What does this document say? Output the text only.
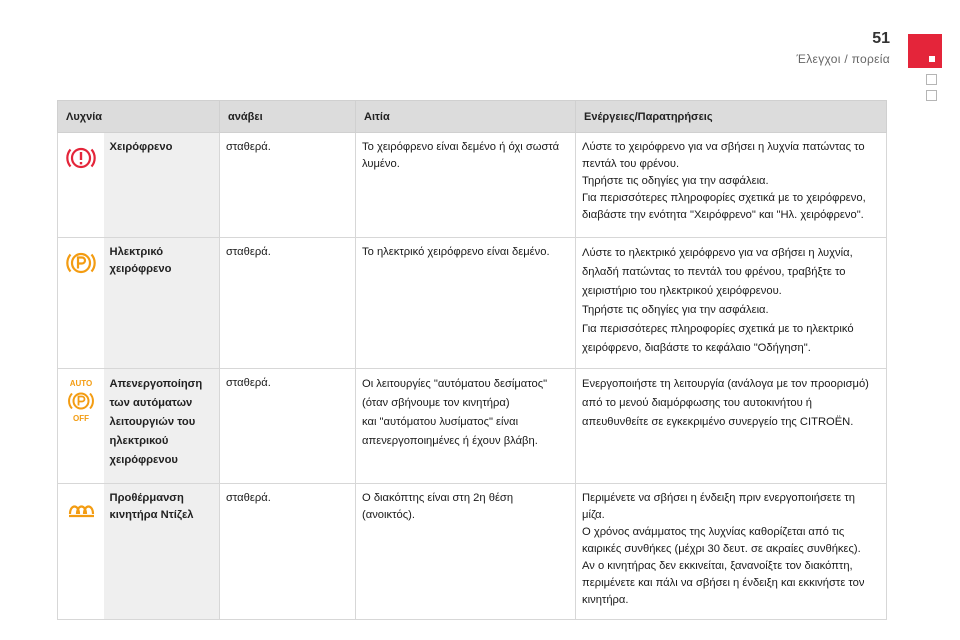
51
Έλεγχοι / πορεία
Λυχνία		ανάβει	Αιτία	Ενέργειες/Παρατηρήσεις
	Χειρόφρενο	σταθερά.	Το χειρόφρενο είναι δεμένο ή όχι σωστά λυμένο.	Λύστε το χειρόφρενο για να σβήσει η λυχνία πατώντας το πεντάλ του φρένου.
Τηρήστε τις οδηγίες για την ασφάλεια.
Για περισσότερες πληροφορίες σχετικά με το χειρόφρενο, διαβάστε την ενότητα "Χειρόφρενο" και "Ηλ. χειρόφρενο".

	Ηλεκτρικό χειρόφρενο	σταθερά.	Το ηλεκτρικό χειρόφρενο είναι δεμένο.	Λύστε το ηλεκτρικό χειρόφρενο για να σβήσει η λυχνία, δηλαδή πατώντας το πεντάλ του φρένου, τραβήξτε το χειριστήριο του ηλεκτρικού χειρόφρενου.
Τηρήστε τις οδηγίες για την ασφάλεια.
Για περισσότερες πληροφορίες σχετικά με το ηλεκτρικό χειρόφρενο, διαβάστε το κεφάλαιο "Οδήγηση".

AUTO
OFF	Απενεργοποίηση των αυτόματων λειτουργιών του ηλεκτρικού χειρόφρενου	σταθερά.	Οι λειτουργίες "αυτόματου δεσίματος" (όταν σβήνουμε τον κινητήρα)
και "αυτόματου λυσίματος" είναι απενεργοποιημένες ή έχουν βλάβη.	Ενεργοποιήστε τη λειτουργία (ανάλογα με τον προορισμό) από το μενού διαμόρφωσης του αυτοκινήτου ή απευθυνθείτε σε εγκεκριμένο συνεργείο της CITROËN.

	Προθέρμανση κινητήρα Ντίζελ	σταθερά.	Ο διακόπτης είναι στη 2η θέση (ανοικτός).	Περιμένετε να σβήσει η ένδειξη πριν ενεργοποιήσετε τη μίζα.
Ο χρόνος ανάμματος της λυχνίας καθορίζεται από τις καιρικές συνθήκες (μέχρι 30 δευτ. σε ακραίες συνθήκες).
Αν ο κινητήρας δεν εκκινείται, ξανανοίξτε τον διακόπτη, περιμένετε και πάλι να σβήσει η ένδειξη και εκκινήστε τον κινητήρα.
